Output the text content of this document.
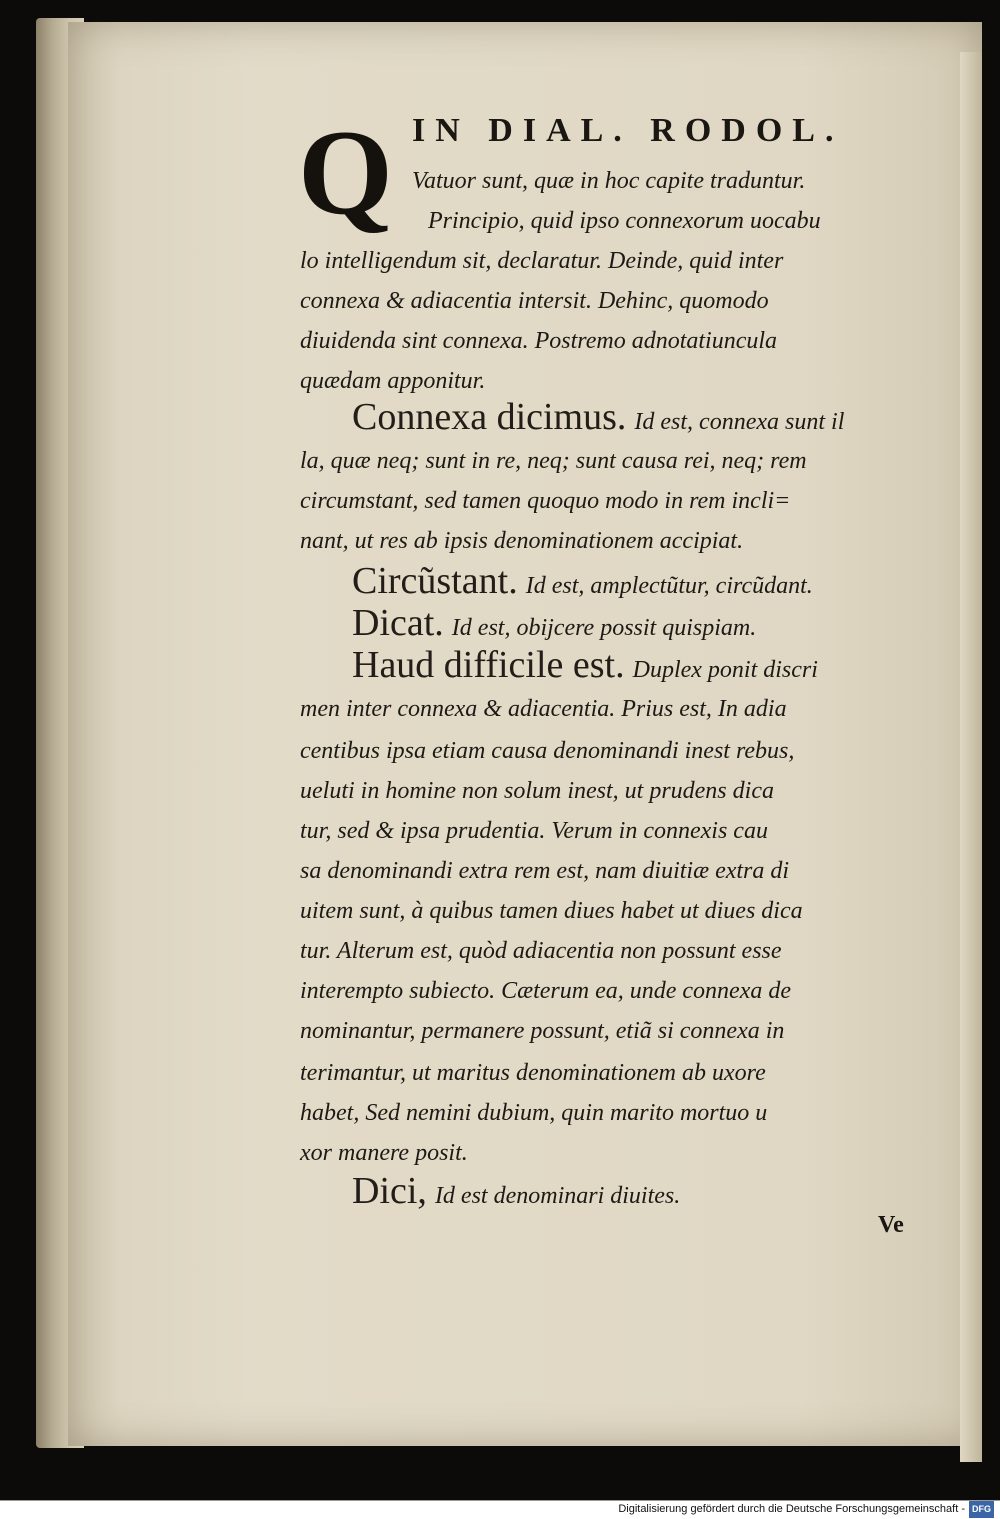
IN DIAL. RODOL.
Q Vatuor sunt, quæ in hoc capite traduntur.
Principio, quid ipso connexorum uocabu
lo intelligendum sit, declaratur. Deinde, quid inter
connexa & adiacentia intersit. Dehinc, quomodo
diuidenda sint connexa. Postremo adnotatiuncula
quædam apponitur.
Connexa dicimus. Id est, connexa sunt il
la, quæ neq; sunt in re, neq; sunt causa rei, neq; rem
circumstant, sed tamen quoquo modo in rem incli=
nant, ut res ab ipsis denominationem accipiat.
Circũstant. Id est, amplectũtur, circũdant.
Dicat. Id est, obijcere possit quispiam.
Haud difficile est. Duplex ponit discri
men inter connexa & adiacentia. Prius est, In adia
centibus ipsa etiam causa denominandi inest rebus,
ueluti in homine non solum inest, ut prudens dica
tur, sed & ipsa prudentia. Verum in connexis cau
sa denominandi extra rem est, nam diuitiæ extra di
uitem sunt, à quibus tamen diues habet ut diues dica
tur. Alterum est, quòd adiacentia non possunt esse
interempto subiecto. Cæterum ea, unde connexa de
nominantur, permanere possunt, etiã si connexa in
terimantur, ut maritus denominationem ab uxore
habet, Sed nemini dubium, quin marito mortuo u
xor manere posit.
Dici, Id est denominari diuites.
Ve
Digitalisierung gefördert durch die Deutsche Forschungsgemeinschaft - DFG
